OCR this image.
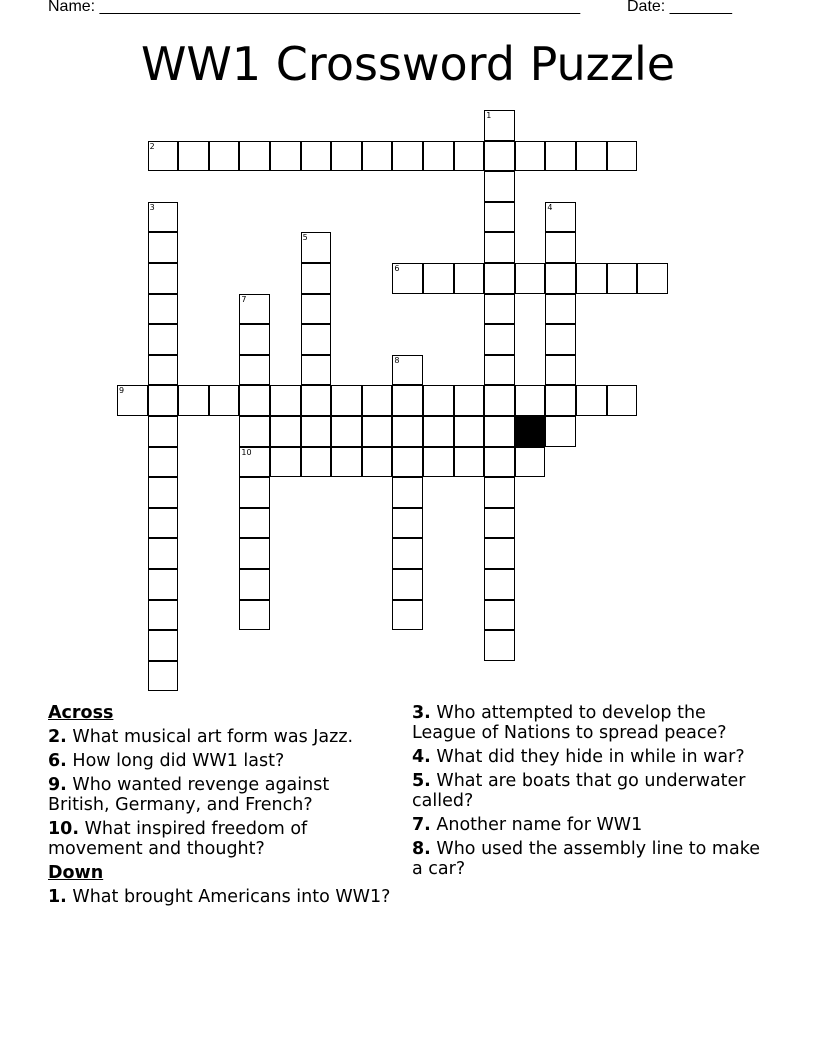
Name: ______________________________________________________	Date: _______
WW1 Crossword Puzzle
1
2
3	4
5
6
7
8
9
10
Across
2. What musical art form was Jazz.
6. How long did WW1 last?
9. Who wanted revenge against British, Germany, and French?
10. What inspired freedom of movement and thought?
Down
1. What brought Americans into WW1?
3. Who attempted to develop the League of Nations to spread peace?
4. What did they hide in while in war?
5. What are boats that go underwater called?
7. Another name for WW1
8. Who used the assembly line to make a car?
